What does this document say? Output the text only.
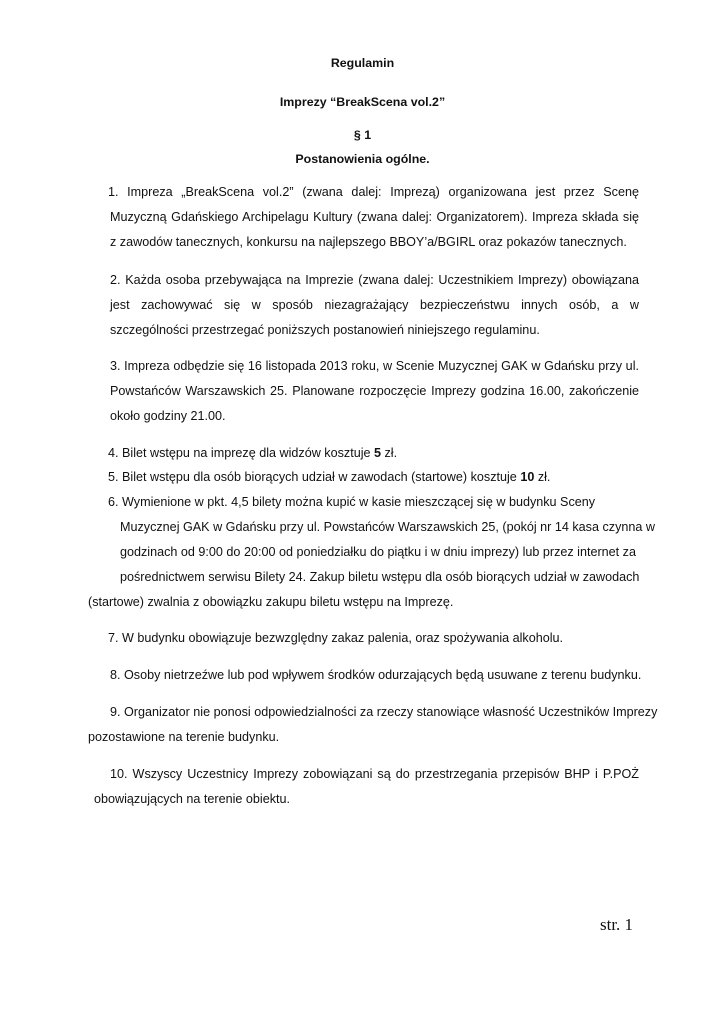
Regulamin
Imprezy “BreakScena vol.2”
§ 1
Postanowienia ogólne.
1. Impreza „BreakScena vol.2” (zwana dalej: Imprezą) organizowana jest przez Scenę Muzyczną Gdańskiego Archipelagu Kultury (zwana dalej: Organizatorem). Impreza składa się z zawodów tanecznych, konkursu na najlepszego BBOY’a/BGIRL oraz pokazów tanecznych.
2. Każda osoba przebywająca na Imprezie (zwana dalej: Uczestnikiem Imprezy) obowiązana jest zachowywać się w sposób niezagrażający bezpieczeństwu innych osób, a w szczególności przestrzegać poniższych postanowień niniejszego regulaminu.
3. Impreza odbędzie się 16 listopada 2013 roku, w Scenie Muzycznej GAK w Gdańsku przy ul. Powstańców Warszawskich 25. Planowane rozpoczęcie Imprezy godzina 16.00, zakończenie około godziny 21.00.
4. Bilet wstępu na imprezę dla widzów kosztuje 5 zł.
5. Bilet wstępu dla osób biorących udział w zawodach (startowe) kosztuje 10 zł.
6. Wymienione w pkt. 4,5 bilety można kupić w kasie mieszczącej się w budynku Sceny
Muzycznej GAK w Gdańsku przy ul. Powstańców Warszawskich 25, (pokój nr 14 kasa czynna w
godzinach od 9:00 do 20:00 od poniedziałku do piątku i w dniu imprezy) lub przez internet za
pośrednictwem serwisu Bilety 24. Zakup biletu wstępu dla osób biorących udział w zawodach
(startowe) zwalnia z obowiązku zakupu biletu wstępu na Imprezę.
7. W budynku obowiązuje bezwzględny zakaz palenia, oraz spożywania alkoholu.
8. Osoby nietrzeźwe lub pod wpływem środków odurzających będą usuwane z terenu budynku.
9. Organizator nie ponosi odpowiedzialności za rzeczy stanowiące własność Uczestników Imprezy
pozostawione na terenie budynku.
10. Wszyscy Uczestnicy Imprezy zobowiązani są do przestrzegania przepisów BHP i P.POŻ obowiązujących na terenie obiektu.
str. 1
